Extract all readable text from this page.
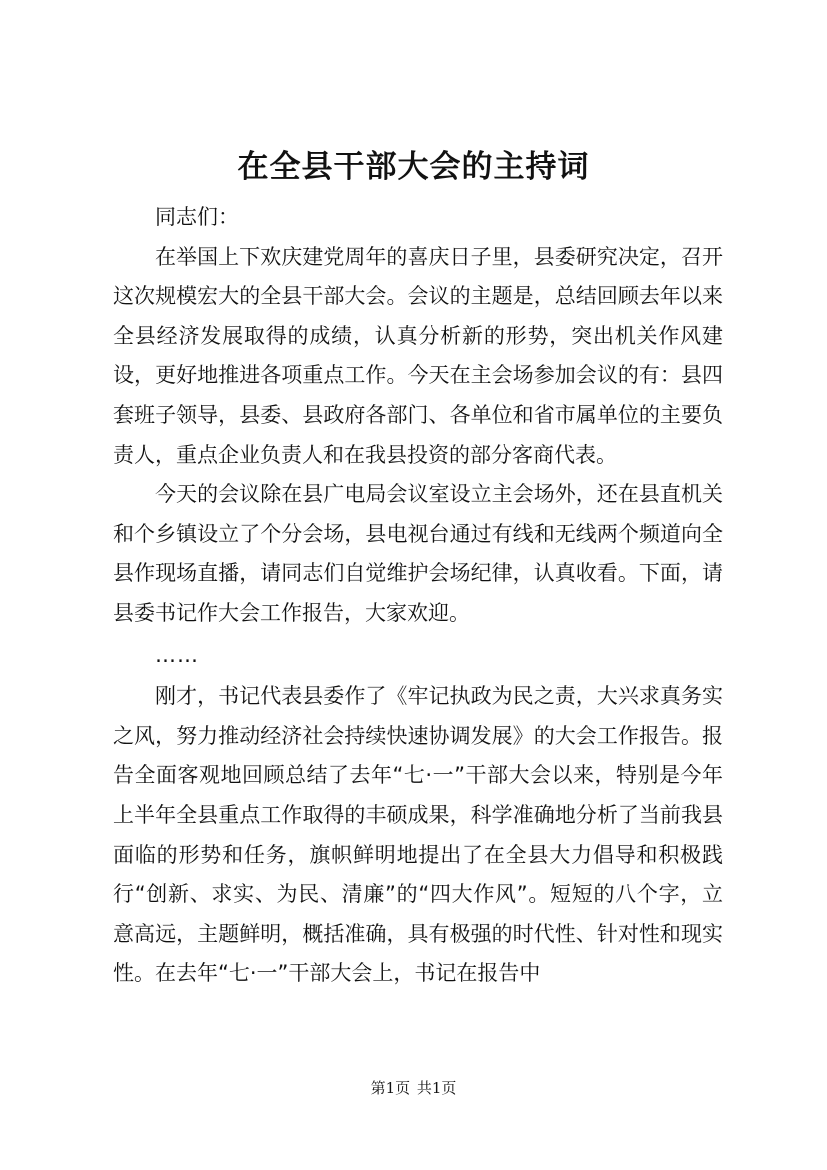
在全县干部大会的主持词

同志们：

在举国上下欢庆建党周年的喜庆日子里，县委研究决定，召开这次规模宏大的全县干部大会。会议的主题是，总结回顾去年以来全县经济发展取得的成绩，认真分析新的形势，突出机关作风建设，更好地推进各项重点工作。今天在主会场参加会议的有：县四套班子领导，县委、县政府各部门、各单位和省市属单位的主要负责人，重点企业负责人和在我县投资的部分客商代表。

今天的会议除在县广电局会议室设立主会场外，还在县直机关和个乡镇设立了个分会场，县电视台通过有线和无线两个频道向全县作现场直播，请同志们自觉维护会场纪律，认真收看。下面，请县委书记作大会工作报告，大家欢迎。

……

刚才，书记代表县委作了《牢记执政为民之责，大兴求真务实之风，努力推动经济社会持续快速协调发展》的大会工作报告。报告全面客观地回顾总结了去年“七·一”干部大会以来，特别是今年上半年全县重点工作取得的丰硕成果，科学准确地分析了当前我县面临的形势和任务，旗帜鲜明地提出了在全县大力倡导和积极践行“创新、求实、为民、清廉”的“四大作风”。短短的八个字，立意高远，主题鲜明，概括准确，具有极强的时代性、针对性和现实性。在去年“七·一”干部大会上，书记在报告中

第1页 共1页
